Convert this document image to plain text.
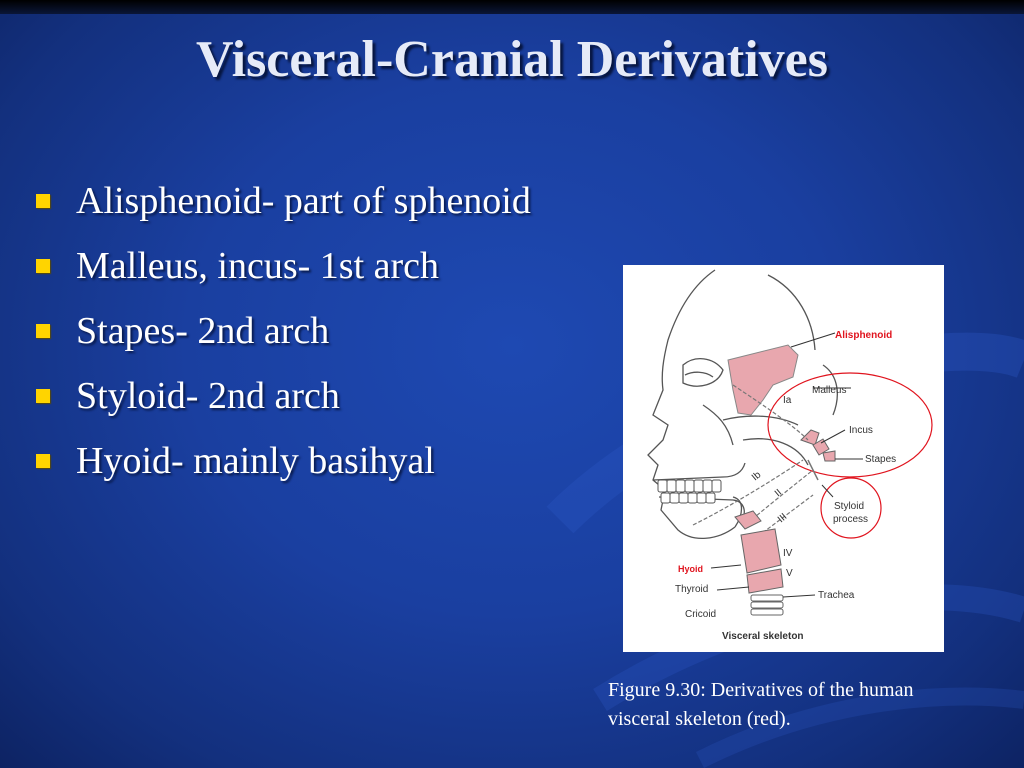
Visceral-Cranial Derivatives
Alisphenoid- part of sphenoid
Malleus, incus- 1st arch
Stapes- 2nd arch
Styloid- 2nd arch
Hyoid- mainly basihyal
Alisphenoid
Ia
Malleus
Incus
Stapes
Ib
II
III
Styloid
process
IV
V
Hyoid
Thyroid
Trachea
Cricoid
Visceral skeleton
Figure 9.30: Derivatives of the human
visceral skeleton (red).
